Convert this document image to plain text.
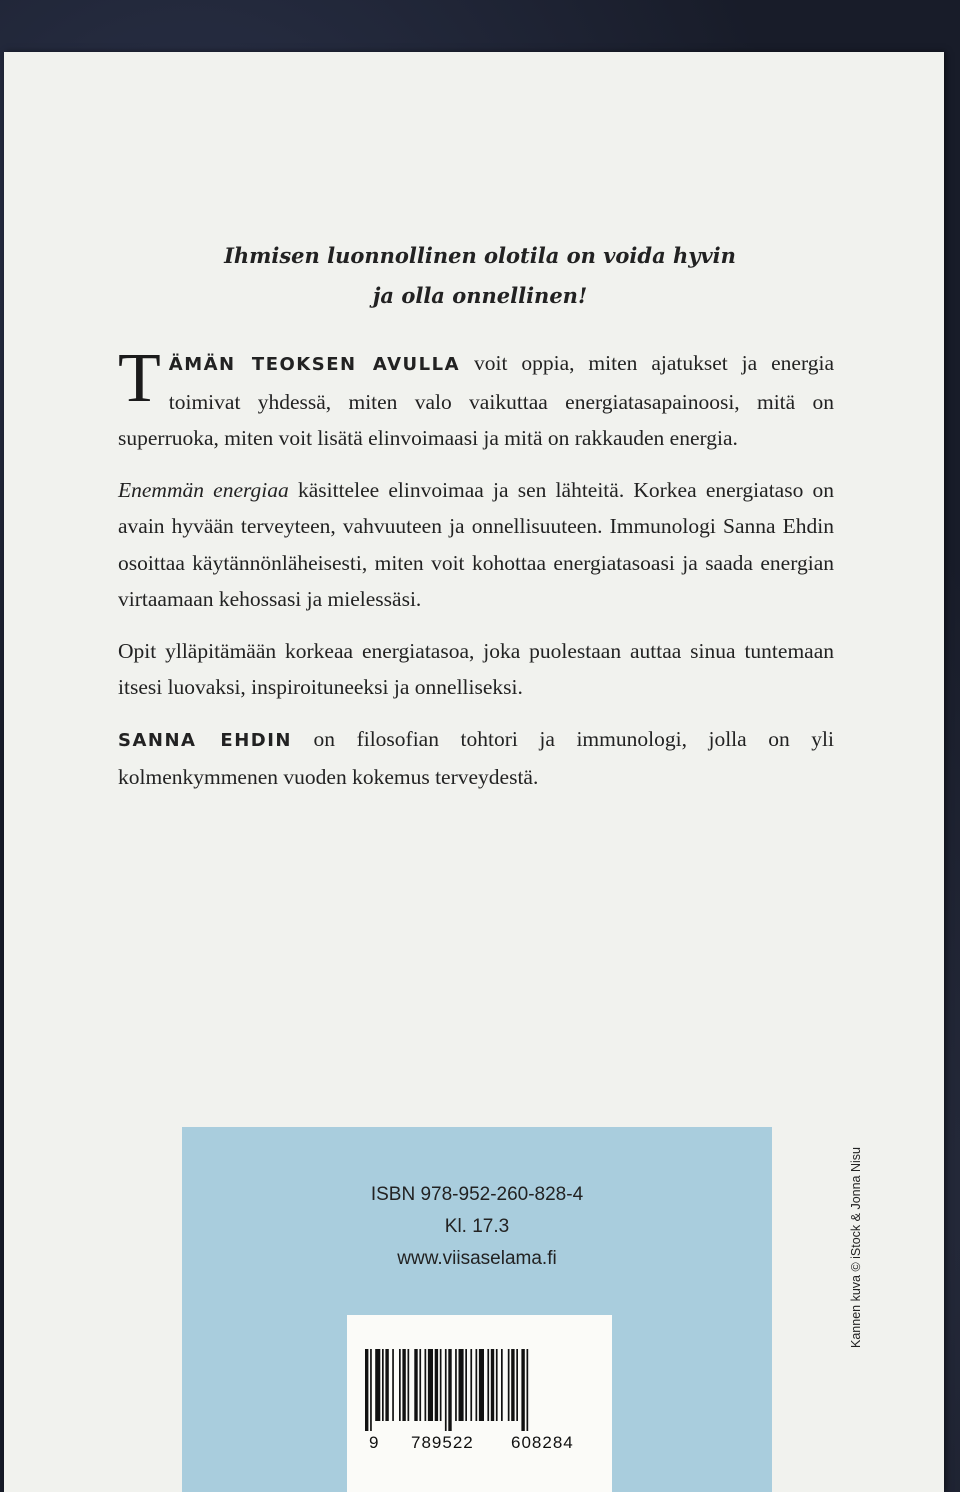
Ihmisen luonnollinen olotila on voida hyvin
ja olla onnellinen!

TÄMÄN TEOKSEN AVULLA voit oppia, miten ajatukset ja energia toimivat yhdessä, miten valo vaikuttaa energiatasapainoosi, mitä on superruoka, miten voit lisätä elinvoimaasi ja mitä on rakkauden energia.

Enemmän energiaa käsittelee elinvoimaa ja sen lähteitä. Korkea energiataso on avain hyvään terveyteen, vahvuuteen ja onnellisuuteen. Immunologi Sanna Ehdin osoittaa käytännönläheisesti, miten voit kohottaa energiatasoasi ja saada energian virtaamaan kehossasi ja mielessäsi.

Opit ylläpitämään korkeaa energiatasoa, joka puolestaan auttaa sinua tuntemaan itsesi luovaksi, inspiroituneeksi ja onnelliseksi.

SANNA EHDIN on filosofian tohtori ja immunologi, jolla on yli kolmenkymmenen vuoden kokemus terveydestä.

ISBN 978-952-260-828-4
Kl. 17.3
www.viisaselama.fi
9 789522 608284
Kannen kuva © iStock & Jonna Nisu
